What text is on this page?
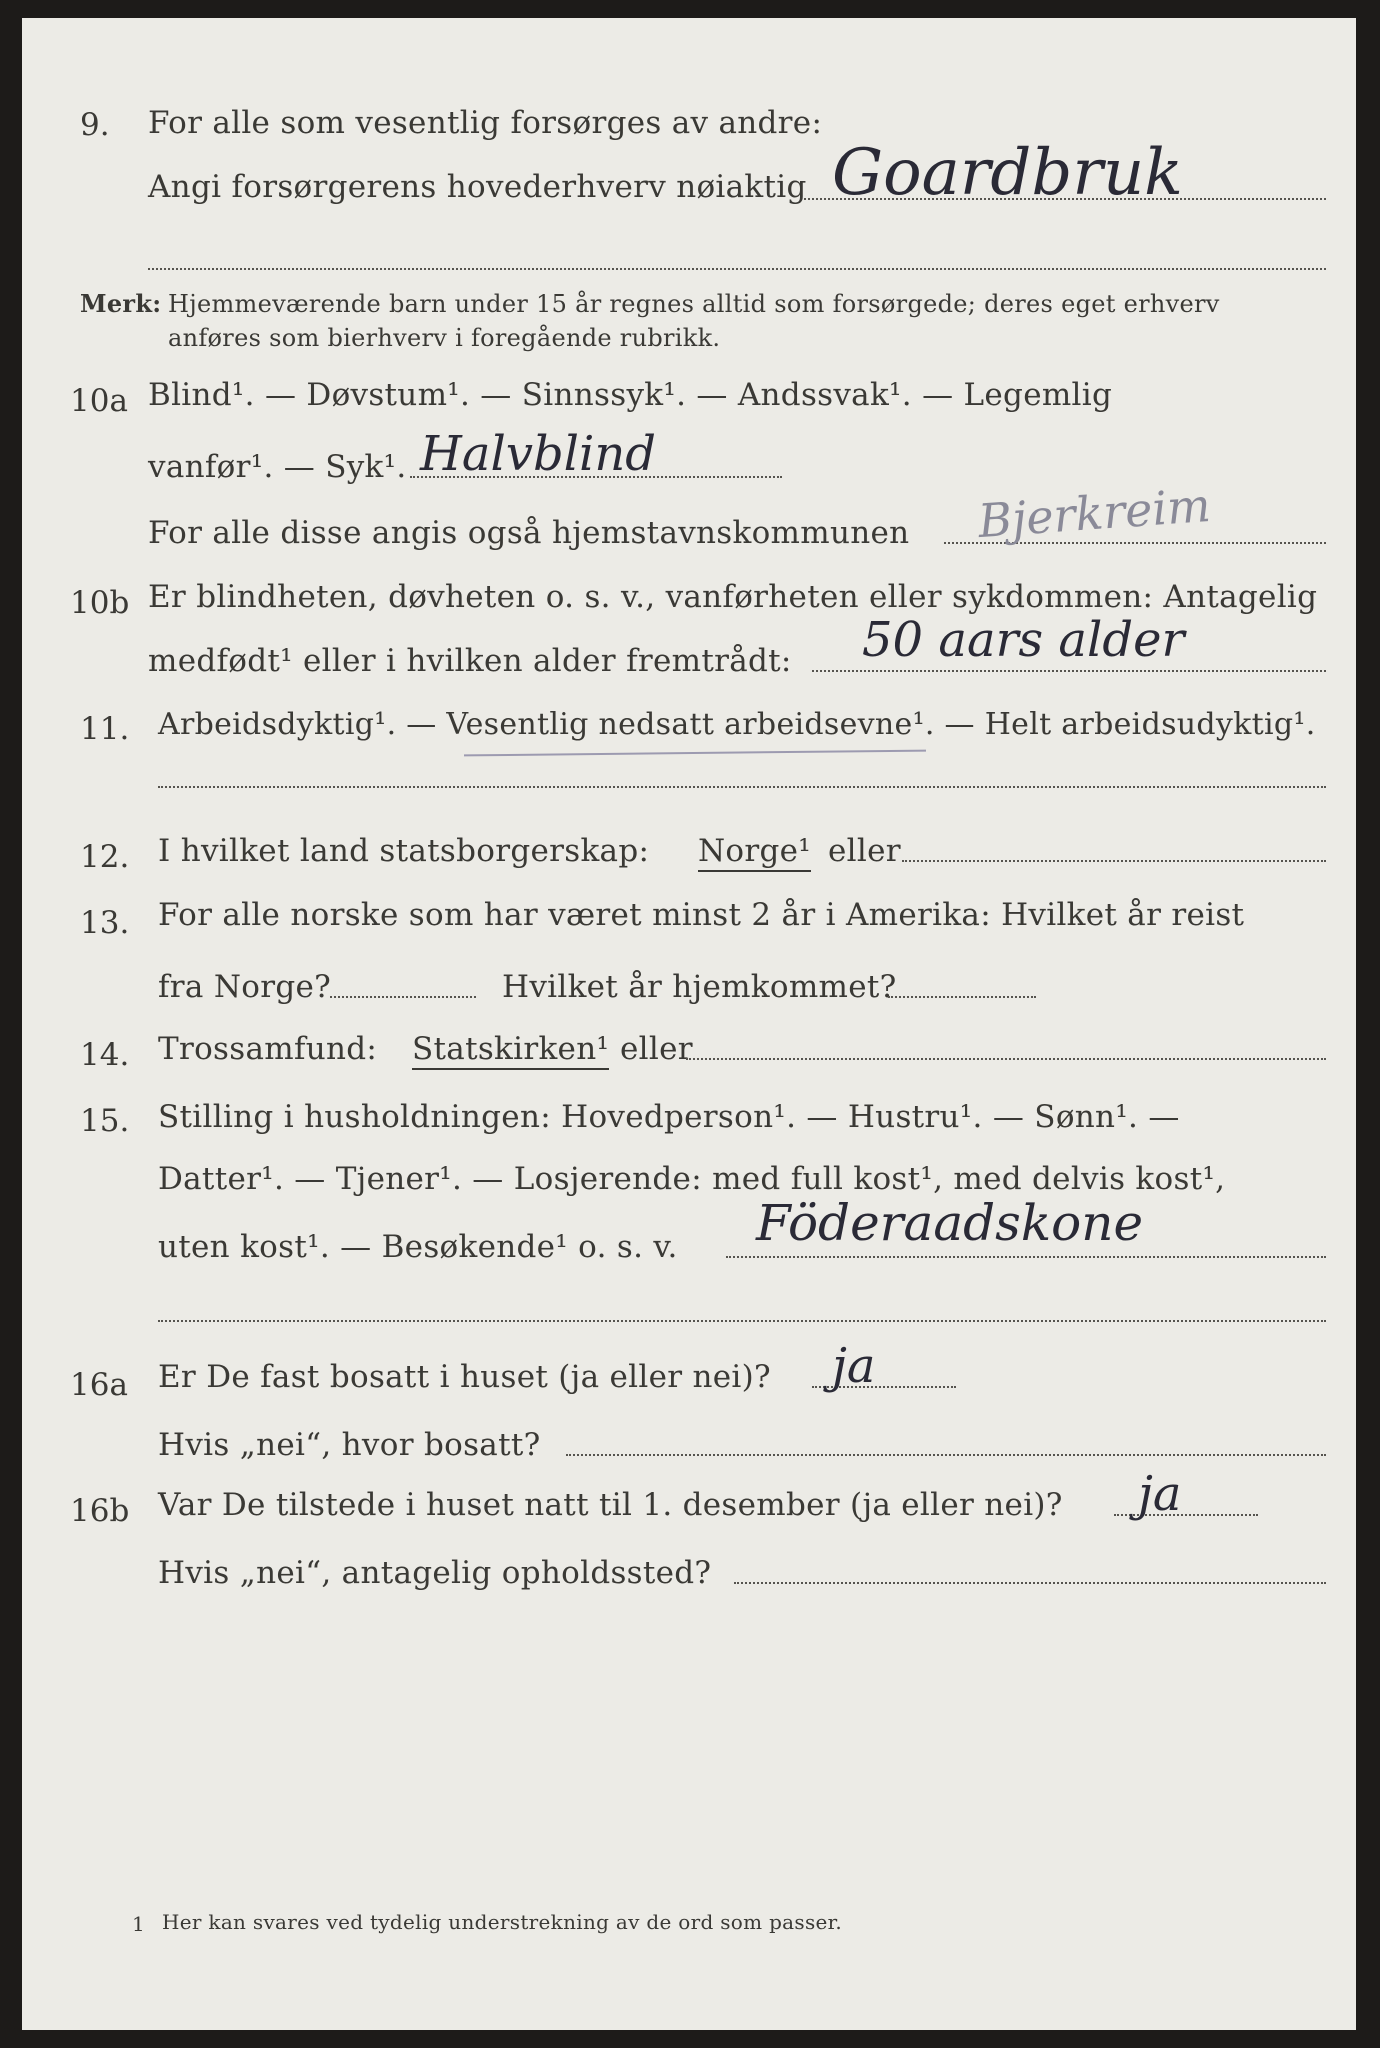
9. For alle som vesentlig forsørges av andre:
Angi forsørgerens hovederhverv nøiaktig Goardbruk
Merk: Hjemmeværende barn under 15 år regnes alltid som forsørgede; deres eget erhverv
anføres som bierhverv i foregående rubrikk.
10a Blind¹. — Døvstum¹. — Sinnssyk¹. — Andssvak¹. — Legemlig
vanfør¹. — Syk¹. Halvblind
For alle disse angis også hjemstavnskommunen Bjerkreim
10b Er blindheten, døvheten o. s. v., vanførheten eller sykdommen: Antagelig
medfødt¹ eller i hvilken alder fremtrådt: 50 aars alder
11. Arbeidsdyktig¹. — Vesentlig nedsatt arbeidsevne¹. — Helt arbeidsudyktig¹.
12. I hvilket land statsborgerskap: Norge¹ eller
13. For alle norske som har været minst 2 år i Amerika: Hvilket år reist
fra Norge?	Hvilket år hjemkommet?
14. Trossamfund: Statskirken¹ eller
15. Stilling i husholdningen: Hovedperson¹. — Hustru¹. — Sønn¹. —
Datter¹. — Tjener¹. — Losjerende: med full kost¹, med delvis kost¹,
uten kost¹. — Besøkende¹ o. s. v. Föderaadskone
16a Er De fast bosatt i huset (ja eller nei)? ja
Hvis „nei“, hvor bosatt?
16b Var De tilstede i huset natt til 1. desember (ja eller nei)? ja
Hvis „nei“, antagelig opholdssted?
1 Her kan svares ved tydelig understrekning av de ord som passer.
